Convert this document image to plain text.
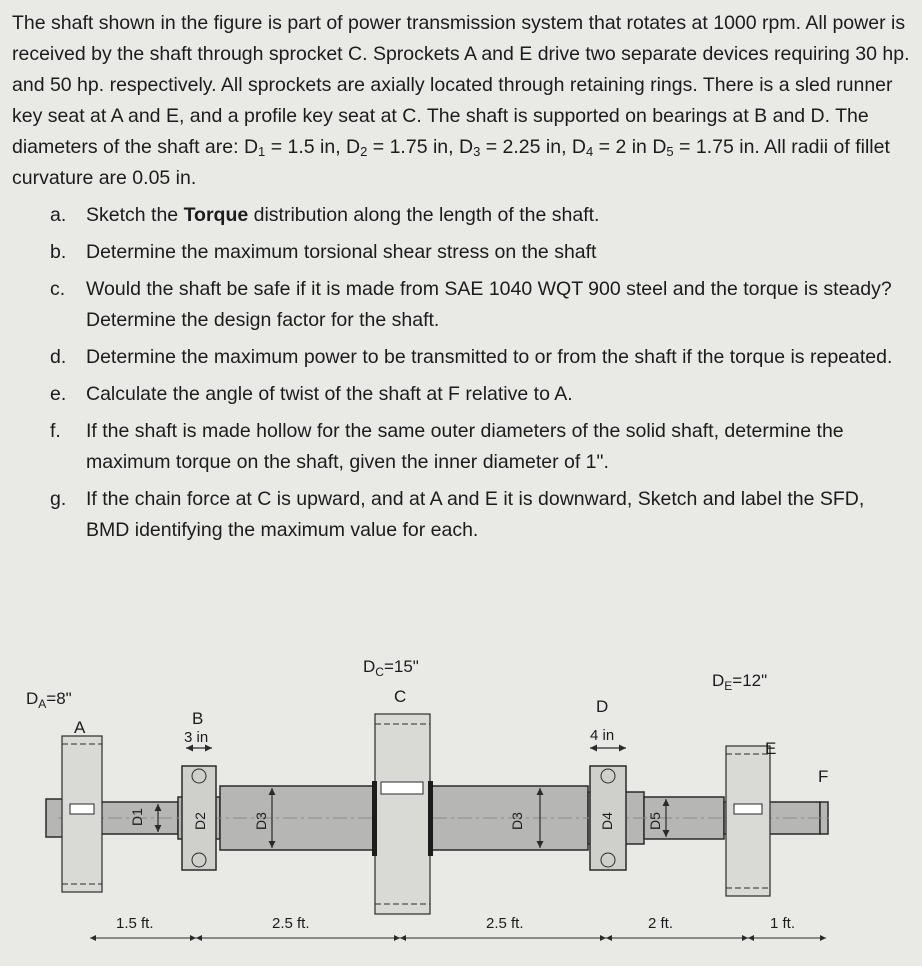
The shaft shown in the figure is part of power transmission system that rotates at 1000 rpm. All power is received by the shaft through sprocket C. Sprockets A and E drive two separate devices requiring 30 hp. and 50 hp. respectively. All sprockets are axially located through retaining rings. There is a sled runner key seat at A and E, and a profile key seat at C. The shaft is supported on bearings at B and D. The diameters of the shaft are: $D_1 = 1.5$ in, $D_2 = 1.75$ in, $D_3 = 2.25$ in, $D_4 = 2$ in $D_5 = 1.75$ in. All radii of fillet curvature are 0.05 in.

a. Sketch the Torque distribution along the length of the shaft.
b. Determine the maximum torsional shear stress on the shaft
c. Would the shaft be safe if it is made from SAE 1040 WQT 900 steel and the torque is steady? Determine the design factor for the shaft.
d. Determine the maximum power to be transmitted to or from the shaft if the torque is repeated.
e. Calculate the angle of twist of the shaft at F relative to A.
f. If the shaft is made hollow for the same outer diameters of the solid shaft, determine the maximum torque on the shaft, given the inner diameter of 1".
g. If the chain force at C is upward, and at A and E it is downward, Sketch and label the SFD, BMD identifying the maximum value for each.
D1	D2	D3	D3	D4 D5
$D_C=15$"
C
$D_A=8$"
A	B
3 in
D
4 in
$D_E=12$"
E
F
1.5 ft.	2.5 ft.	2.5 ft.	2 ft.	1 ft.
